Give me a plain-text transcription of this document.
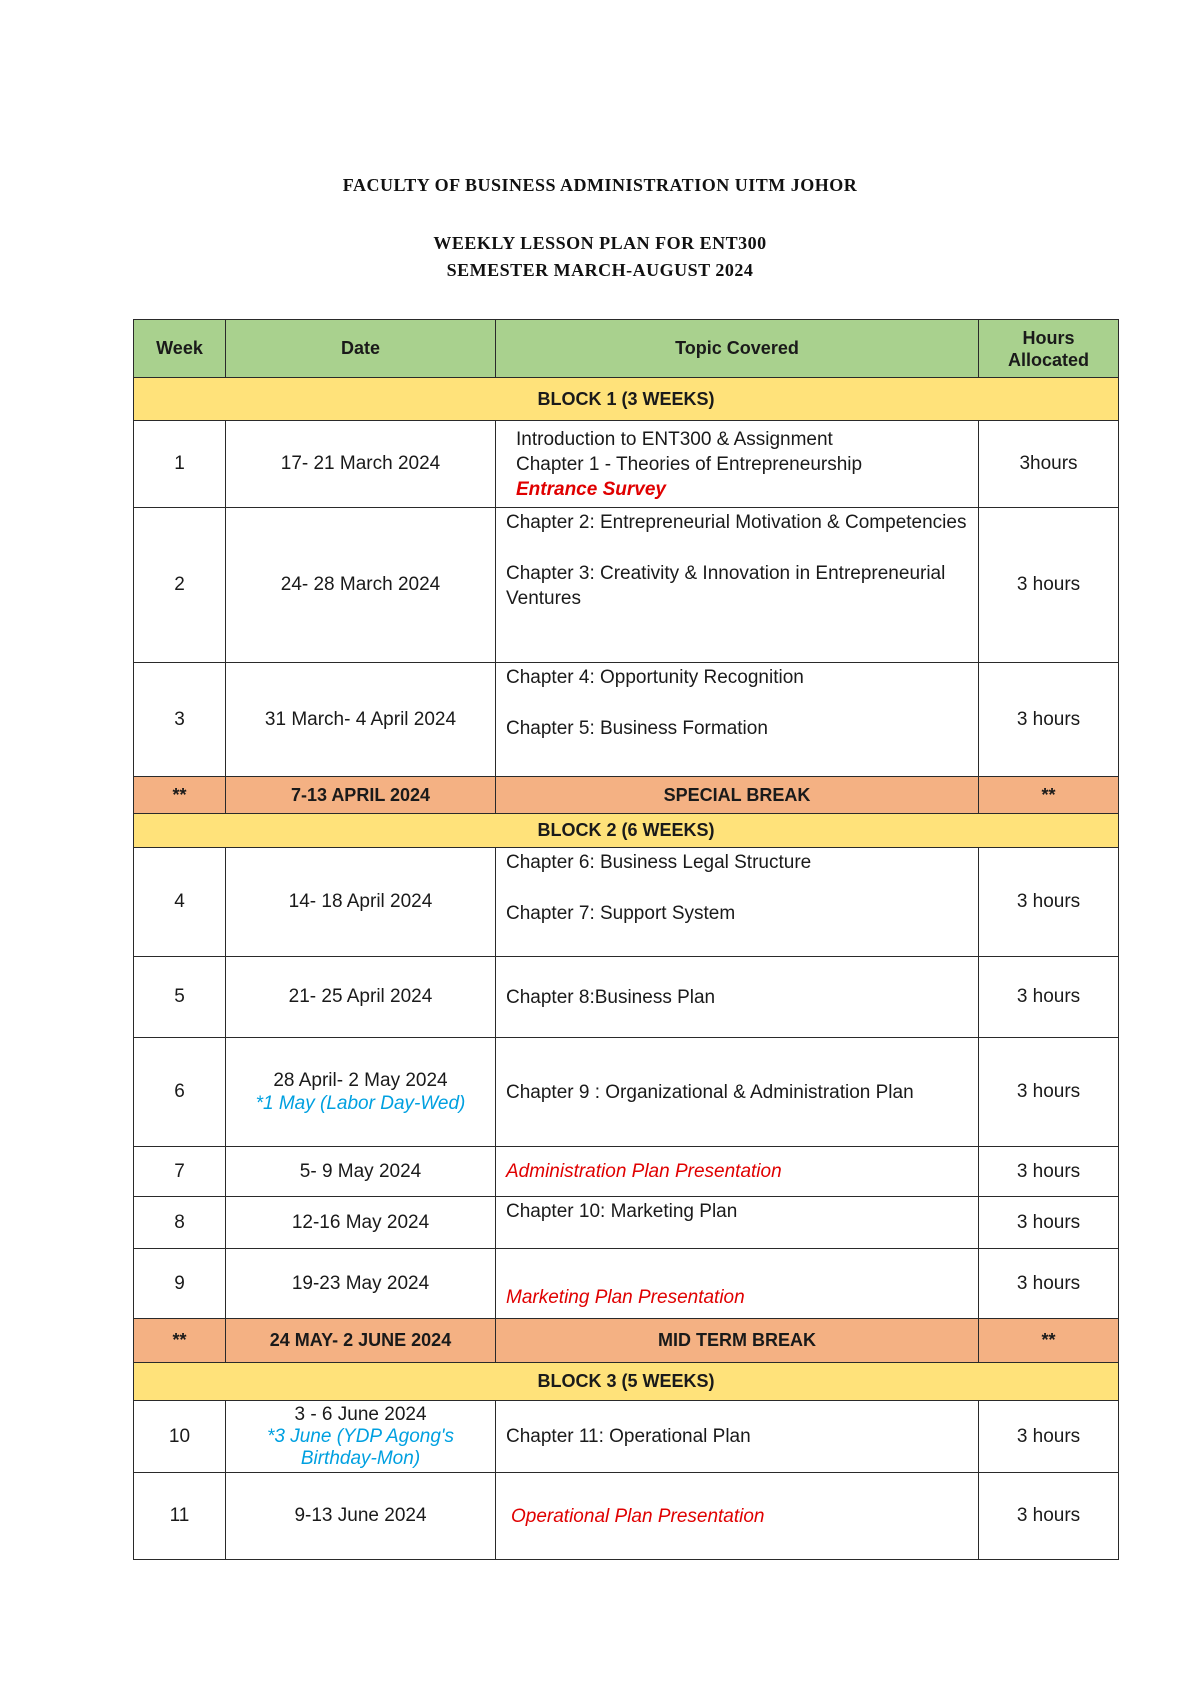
FACULTY OF BUSINESS ADMINISTRATION UITM JOHOR
WEEKLY LESSON PLAN FOR ENT300
SEMESTER MARCH-AUGUST 2024
Week	Date	Topic Covered	Hours Allocated
BLOCK 1 (3 WEEKS)			
1	17- 21 March 2024	Introduction to ENT300 & Assignment
Chapter 1 - Theories of Entrepreneurship
Entrance Survey	3hours
2	24- 28 March 2024	Chapter 2: Entrepreneurial Motivation & Competencies
Chapter 3: Creativity & Innovation in Entrepreneurial Ventures	3 hours
3	31 March- 4 April 2024	Chapter 4: Opportunity Recognition
Chapter 5: Business Formation	3 hours
**	7-13 APRIL 2024	SPECIAL BREAK	**
BLOCK 2 (6 WEEKS)			
4	14- 18 April 2024	Chapter 6: Business Legal Structure
Chapter 7: Support System	3 hours
5	21- 25 April 2024	Chapter 8:Business Plan	3 hours
6	28 April- 2 May 2024
*1 May (Labor Day-Wed)	Chapter 9 : Organizational & Administration Plan	3 hours
7	5- 9 May 2024	Administration Plan Presentation	3 hours
8	12-16 May 2024	Chapter 10: Marketing Plan	3 hours
9	19-23 May 2024	Marketing Plan Presentation	3 hours
**	24 MAY- 2 JUNE 2024	MID TERM BREAK	**
BLOCK 3 (5 WEEKS)			
10	3 - 6 June 2024
*3 June (YDP Agong's Birthday-Mon)	Chapter 11: Operational Plan	3 hours
11	9-13 June 2024	Operational Plan Presentation	3 hours
